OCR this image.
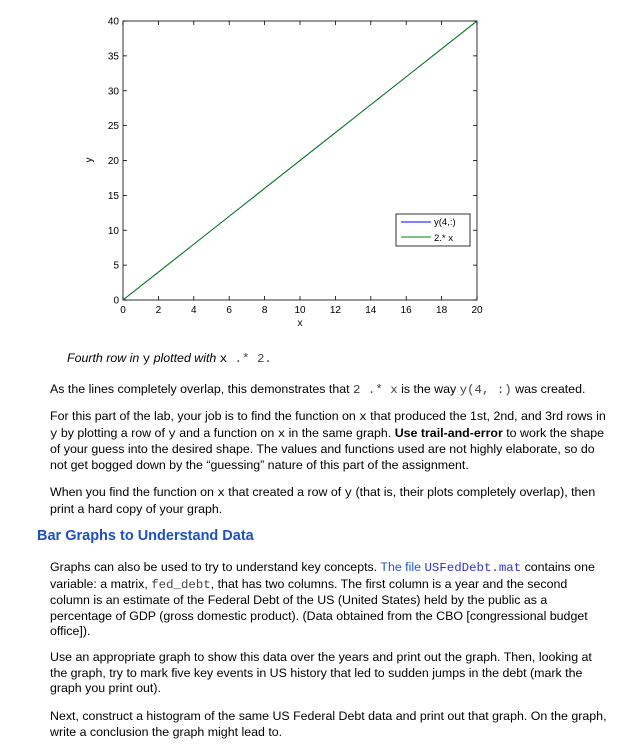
0	2	4	6	8	10 12 14 16 18 20
0
5
10
15
20
25
30
35
40
x
y
y(4,:)
2.* x

Fourth row in y plotted with x .* 2.

As the lines completely overlap, this demonstrates that 2 .* x is the way y(4, :) was created.

For this part of the lab, your job is to find the function on x that produced the 1st, 2nd, and 3rd rows in y by plotting a row of y and a function on x in the same graph. Use trail-and-error to work the shape of your guess into the desired shape. The values and functions used are not highly elaborate, so do not get bogged down by the “guessing” nature of this part of the assignment.

When you find the function on x that created a row of y (that is, their plots completely overlap), then print a hard copy of your graph.

Bar Graphs to Understand Data

Graphs can also be used to try to understand key concepts. The file USFedDebt.mat contains one variable: a matrix, fed_debt, that has two columns. The first column is a year and the second column is an estimate of the Federal Debt of the US (United States) held by the public as a percentage of GDP (gross domestic product). (Data obtained from the CBO [congressional budget office]).

Use an appropriate graph to show this data over the years and print out the graph. Then, looking at the graph, try to mark five key events in US history that led to sudden jumps in the debt (mark the graph you print out).

Next, construct a histogram of the same US Federal Debt data and print out that graph. On the graph, write a conclusion the graph might lead to.
